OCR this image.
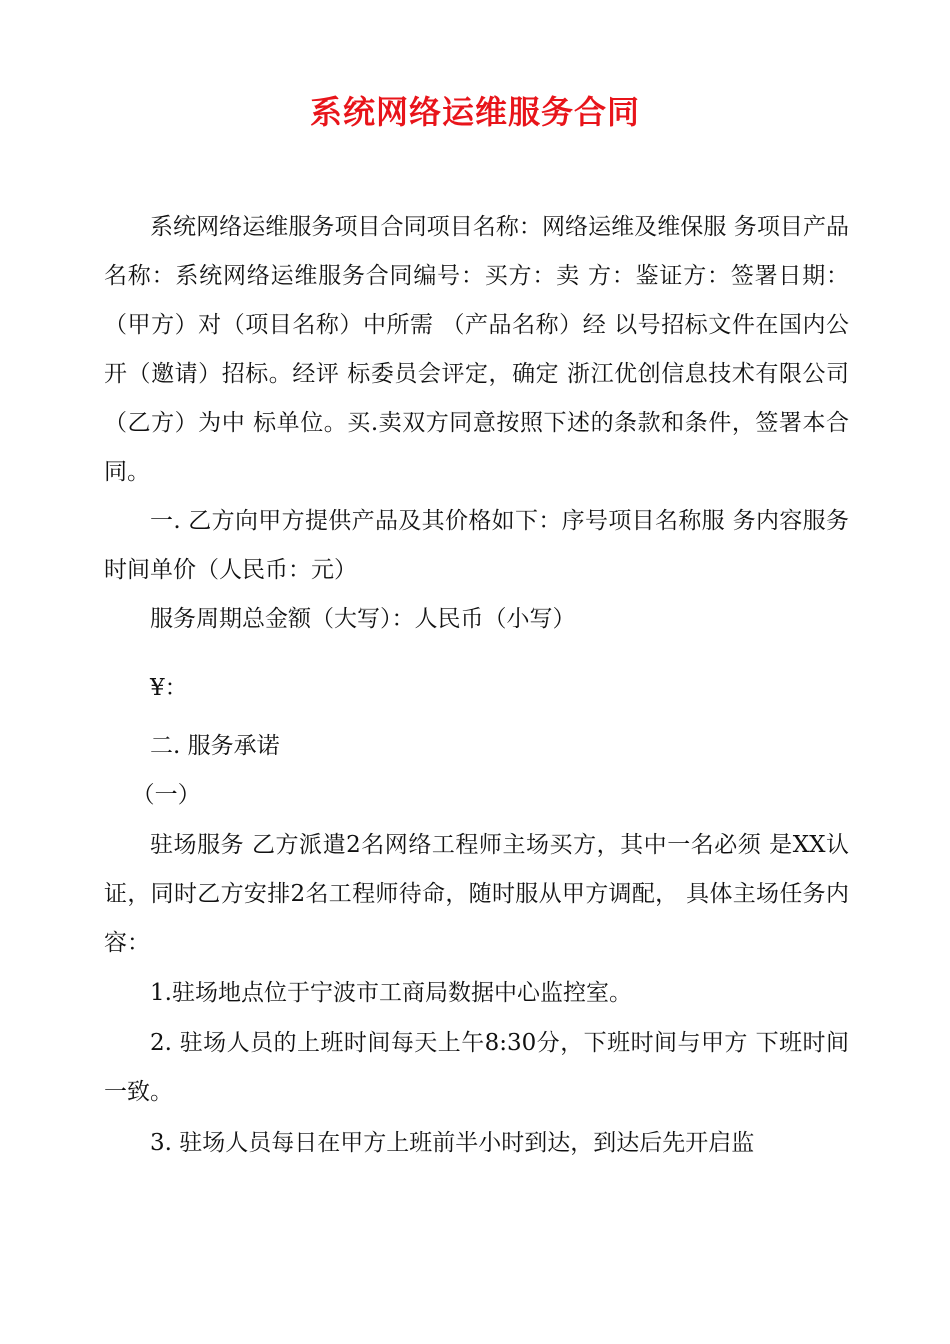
系统网络运维服务合同

系统网络运维服务项目合同项目名称：网络运维及维保服 务项目产品名称：系统网络运维服务合同编号：买方：卖 方：鉴证方：签署日期：（甲方）对（项目名称）中所需 （产品名称）经 以号招标文件在国内公开（邀请）招标。经评 标委员会评定，确定 浙江优创信息技术有限公司（乙方）为中 标单位。买.卖双方同意按照下述的条款和条件，签署本合同。

一. 乙方向甲方提供产品及其价格如下：序号项目名称服 务内容服务时间单价（人民币：元）

服务周期总金额（大写）：人民币（小写）

¥：

二. 服务承诺

（一）

驻场服务 乙方派遣2名网络工程师主场买方，其中一名必须 是XX认证，同时乙方安排2名工程师待命，随时服从甲方调配， 具体主场任务内容：

1.驻场地点位于宁波市工商局数据中心监控室。

2. 驻场人员的上班时间每天上午8:30分，下班时间与甲方 下班时间一致。

3. 驻场人员每日在甲方上班前半小时到达，到达后先开启监
